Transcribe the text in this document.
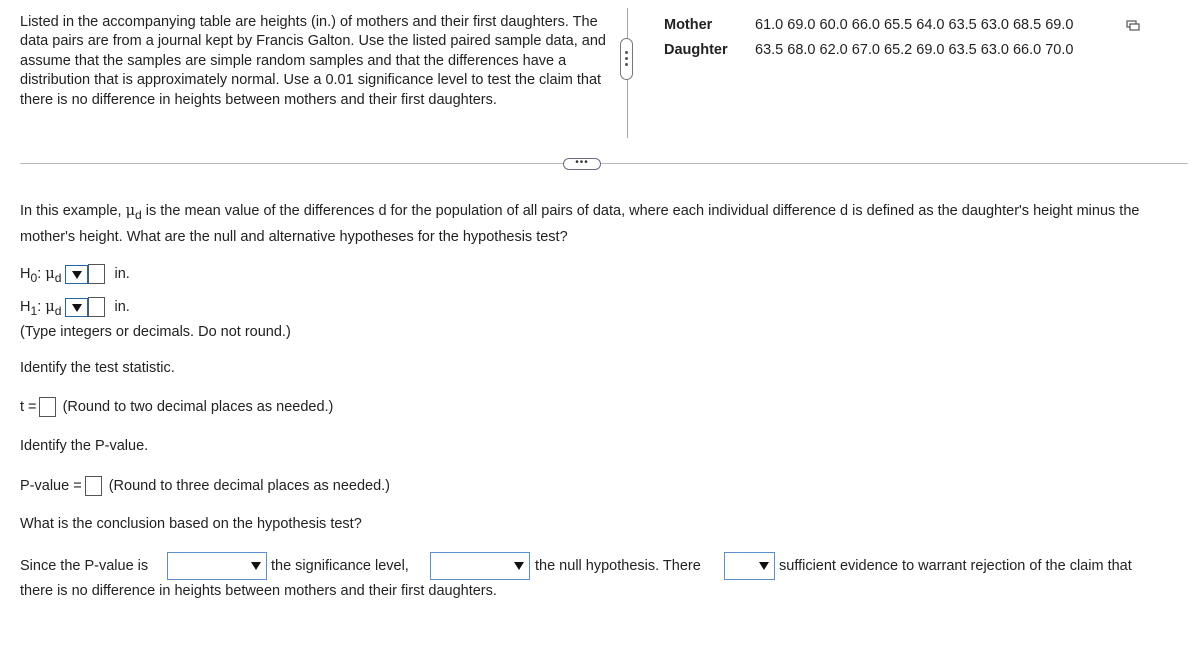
Listed in the accompanying table are heights (in.) of mothers and their first daughters. The data pairs are from a journal kept by Francis Galton. Use the listed paired sample data, and assume that the samples are simple random samples and that the differences have a distribution that is approximately normal. Use a 0.01 significance level to test the claim that there is no difference in heights between mothers and their first daughters.
Mother	61.0 69.0 60.0 66.0 65.5 64.0 63.5 63.0 68.5 69.0
Daughter 63.5 68.0 62.0 67.0 65.2 69.0 63.5 63.0 66.0 70.0
•••
In this example, $\mu_d$ is the mean value of the differences d for the population of all pairs of data, where each individual difference d is defined as the daughter's height minus the mother's height. What are the null and alternative hypotheses for the hypothesis test?
$H_0$: $\mu_d$	in.
$H_1$: $\mu_d$	in.
(Type integers or decimals. Do not round.)
Identify the test statistic.
t = (Round to two decimal places as needed.)
Identify the P-value.
P-value = (Round to three decimal places as needed.)
What is the conclusion based on the hypothesis test?
Since the P-value is	the significance level,	the null hypothesis. There	sufficient evidence to warrant rejection of the claim that
there is no difference in heights between mothers and their first daughters.
